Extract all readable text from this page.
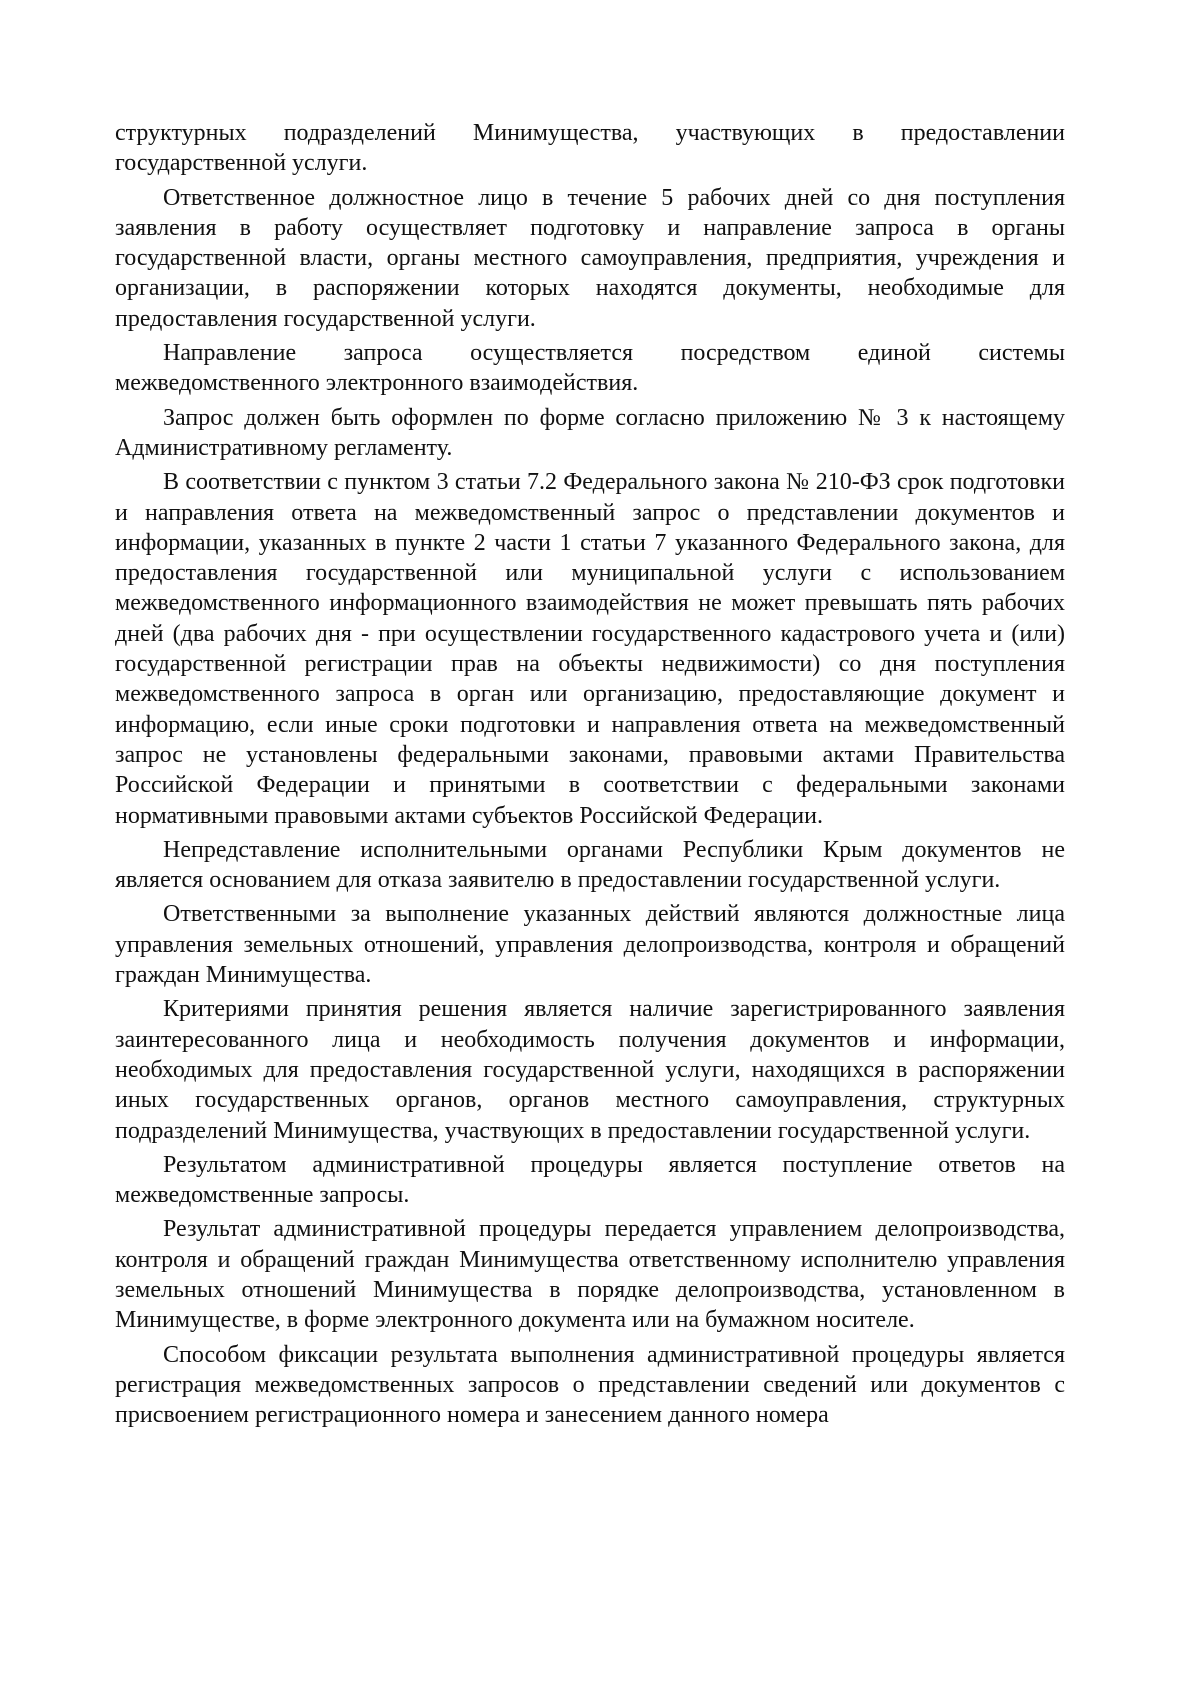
структурных подразделений Минимущества, участвующих в предоставлении государственной услуги.

Ответственное должностное лицо в течение 5 рабочих дней со дня поступления заявления в работу осуществляет подготовку и направление запроса в органы государственной власти, органы местного самоуправления, предприятия, учреждения и организации, в распоряжении которых находятся документы, необходимые для предоставления государственной услуги.

Направление запроса осуществляется посредством единой системы межведомственного электронного взаимодействия.

Запрос должен быть оформлен по форме согласно приложению № 3 к настоящему Административному регламенту.

В соответствии с пунктом 3 статьи 7.2 Федерального закона № 210-ФЗ срок подготовки и направления ответа на межведомственный запрос о представлении документов и информации, указанных в пункте 2 части 1 статьи 7 указанного Федерального закона, для предоставления государственной или муниципальной услуги с использованием межведомственного информационного взаимодействия не может превышать пять рабочих дней (два рабочих дня - при осуществлении государственного кадастрового учета и (или) государственной регистрации прав на объекты недвижимости) со дня поступления межведомственного запроса в орган или организацию, предоставляющие документ и информацию, если иные сроки подготовки и направления ответа на межведомственный запрос не установлены федеральными законами, правовыми актами Правительства Российской Федерации и принятыми в соответствии с федеральными законами нормативными правовыми актами субъектов Российской Федерации.

Непредставление исполнительными органами Республики Крым документов не является основанием для отказа заявителю в предоставлении государственной услуги.

Ответственными за выполнение указанных действий являются должностные лица управления земельных отношений, управления делопроизводства, контроля и обращений граждан Минимущества.

Критериями принятия решения является наличие зарегистрированного заявления заинтересованного лица и необходимость получения документов и информации, необходимых для предоставления государственной услуги, находящихся в распоряжении иных государственных органов, органов местного самоуправления, структурных подразделений Минимущества, участвующих в предоставлении государственной услуги.

Результатом административной процедуры является поступление ответов на межведомственные запросы.

Результат административной процедуры передается управлением делопроизводства, контроля и обращений граждан Минимущества ответственному исполнителю управления земельных отношений Минимущества в порядке делопроизводства, установленном в Минимуществе, в форме электронного документа или на бумажном носителе.

Способом фиксации результата выполнения административной процедуры является регистрация межведомственных запросов о представлении сведений или документов с присвоением регистрационного номера и занесением данного номера
